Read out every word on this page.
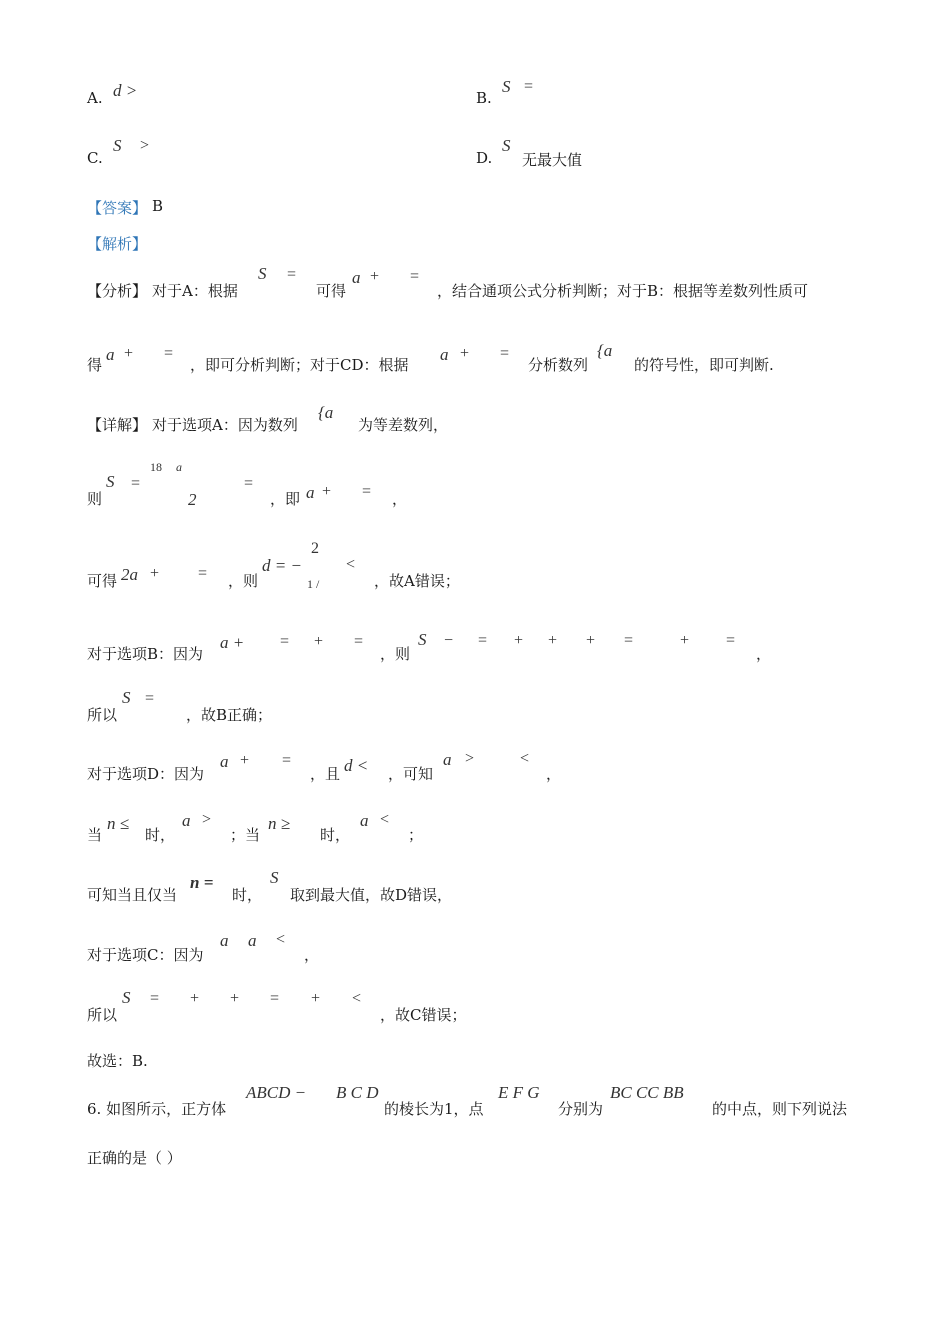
A. d >	B.
S =
C.
S >
D.
S
无最大值
【答案】 B
【解析】
【分析】 对于A：根据
S =
可得
a + =
，结合通项公式分析判断；对于B：根据等差数列性质可
得
a + =
，即可分析判断；对于CD：根据
a + =
分析数列
{a
的符号性，即可判断.
【详解】 对于选项A：因为数列
{a
为等差数列，
则
S =
18 a
2
=
，即 a + = ，
可得 2a + = ，则
d = −
2
1 /
<
，故A错误；
对于选项B：因为
a + = + =
，则
S − = + + + =	+ =
，
所以
S =
，故B正确；
对于选项D：因为
a + =
，且 d < ，可知
a >	<
，
当
n ≤
时，
a >
；当
n ≥
时，
a <
；
可知当且仅当
n =
时，
S
取到最大值，故D错误，
对于选项C：因为
a a <
，
所以
S = + + = + <
，故C错误；
故选：B.
6. 如图所示，正方体
ABCD − B C D
的棱长为1，点
E F G
分别为
BC CC BB
的中点，则下列说法
正确的是（ ）
